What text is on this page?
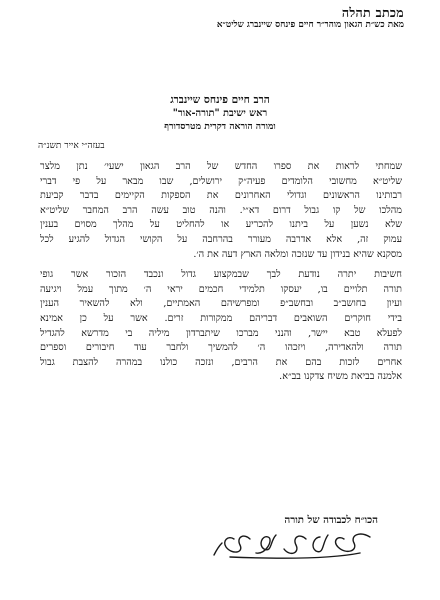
מכתב תהלה
מאת כש״ת הגאון מוהר״ר חיים פינחס שיינברג שליט״א
הרב חיים פינחס שיינברג
ראש ישיבת "תורה-אור"
ומורה הוראה דקרית מטרסדורף
בעזה״י אייר תשנ״ה
שמחתי לראות את ספרו החדש של הרב הגאון ישעי׳ נתן מלצר
שליט״א מחשובי הלומדים פעיה״ק ירושלים, שבו מבאר על פי דברי
רבותינו הראשונים וגדולי האחרונים את הספקות הקיימים בדבר קביעת
מהלכו של קו גבול דרום דא״י. והנה טוב עשה הרב המחבר שליט״א
שלא נשען על ביתנו להכריע או להחליט על מהלך מסוים בענין
עמוק זה, אלא אדרבה מעורר בהרחבה על הקושי הגדול להגיע לכל
מסקנא שהיא בנידון עד שנזכה ומלאה הארץ דעה את ה׳.
חשיבות יתרה נודעת לבך שבמקצוע גדול ונכבד הזכור אשר גופי
תורה תלויים בו, יעסקו תלמידי חכמים יראי ה׳ מתוך עמל ויגיעה
ועיון בחושב״ב ובחשב״פ ומפרשיהם האמתיים, ולא להשאיר הענין
בידי חוקרים השואבים דבריהם ממקורות זרים. אשר על כן אמינא
לפעלא טבא יישר, והנני מברכו שיתברדון מיליה בי מדרשא להגדיל
תורה ולהאדירה, ויזכהו ה׳ להמשיך ולחבר עוד חיבורים וספרים
אחרים לזכות בהם את הרבים, ונזכה כולנו במהרה להצבת גבול
אלמנה בביאת משיח צדקנו בב״א.
הכו״ח לכבודה של תורה
